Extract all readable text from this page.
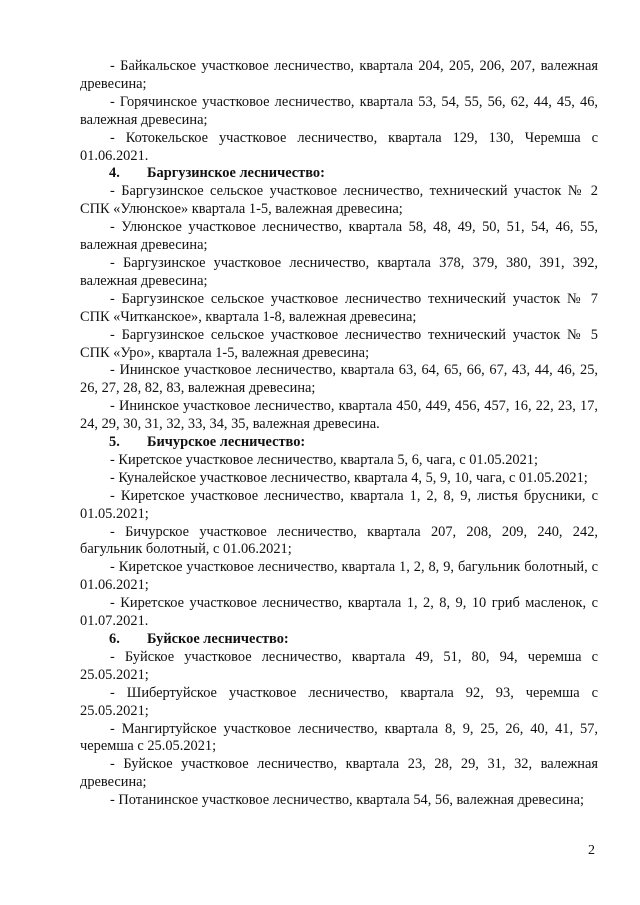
- Байкальское участковое лесничество, квартала 204, 205, 206, 207, валежная древесина;

- Горячинское участковое лесничество, квартала 53, 54, 55, 56, 62, 44, 45, 46, валежная древесина;

- Котокельское участковое лесничество, квартала 129, 130, Черемша с 01.06.2021.

4. Баргузинское лесничество:

- Баргузинское сельское участковое лесничество, технический участок № 2 СПК «Улюнское» квартала 1-5, валежная древесина;

- Улюнское участковое лесничество, квартала 58, 48, 49, 50, 51, 54, 46, 55, валежная древесина;

- Баргузинское участковое лесничество, квартала 378, 379, 380, 391, 392, валежная древесина;

- Баргузинское сельское участковое лесничество технический участок № 7 СПК «Читканское», квартала 1-8, валежная древесина;

- Баргузинское сельское участковое лесничество технический участок № 5 СПК «Уро», квартала 1-5, валежная древесина;

- Ининское участковое лесничество, квартала 63, 64, 65, 66, 67, 43, 44, 46, 25, 26, 27, 28, 82, 83, валежная древесина;

- Ининское участковое лесничество, квартала 450, 449, 456, 457, 16, 22, 23, 17, 24, 29, 30, 31, 32, 33, 34, 35, валежная древесина.

5. Бичурское лесничество:

- Киретское участковое лесничество, квартала 5, 6, чага, с 01.05.2021;

- Куналейское участковое лесничество, квартала 4, 5, 9, 10, чага, с 01.05.2021;

- Киретское участковое лесничество, квартала 1, 2, 8, 9, листья брусники, с 01.05.2021;

- Бичурское участковое лесничество, квартала 207, 208, 209, 240, 242, багульник болотный, с 01.06.2021;

- Киретское участковое лесничество, квартала 1, 2, 8, 9, багульник болотный, с 01.06.2021;

- Киретское участковое лесничество, квартала 1, 2, 8, 9, 10 гриб масленок, с 01.07.2021.

6. Буйское лесничество:

- Буйское участковое лесничество, квартала 49, 51, 80, 94, черемша с 25.05.2021;

- Шибертуйское участковое лесничество, квартала 92, 93, черемша с 25.05.2021;

- Мангиртуйское участковое лесничество, квартала 8, 9, 25, 26, 40, 41, 57, черемша с 25.05.2021;

- Буйское участковое лесничество, квартала 23, 28, 29, 31, 32, валежная древесина;

- Потанинское участковое лесничество, квартала 54, 56, валежная древесина;

2
